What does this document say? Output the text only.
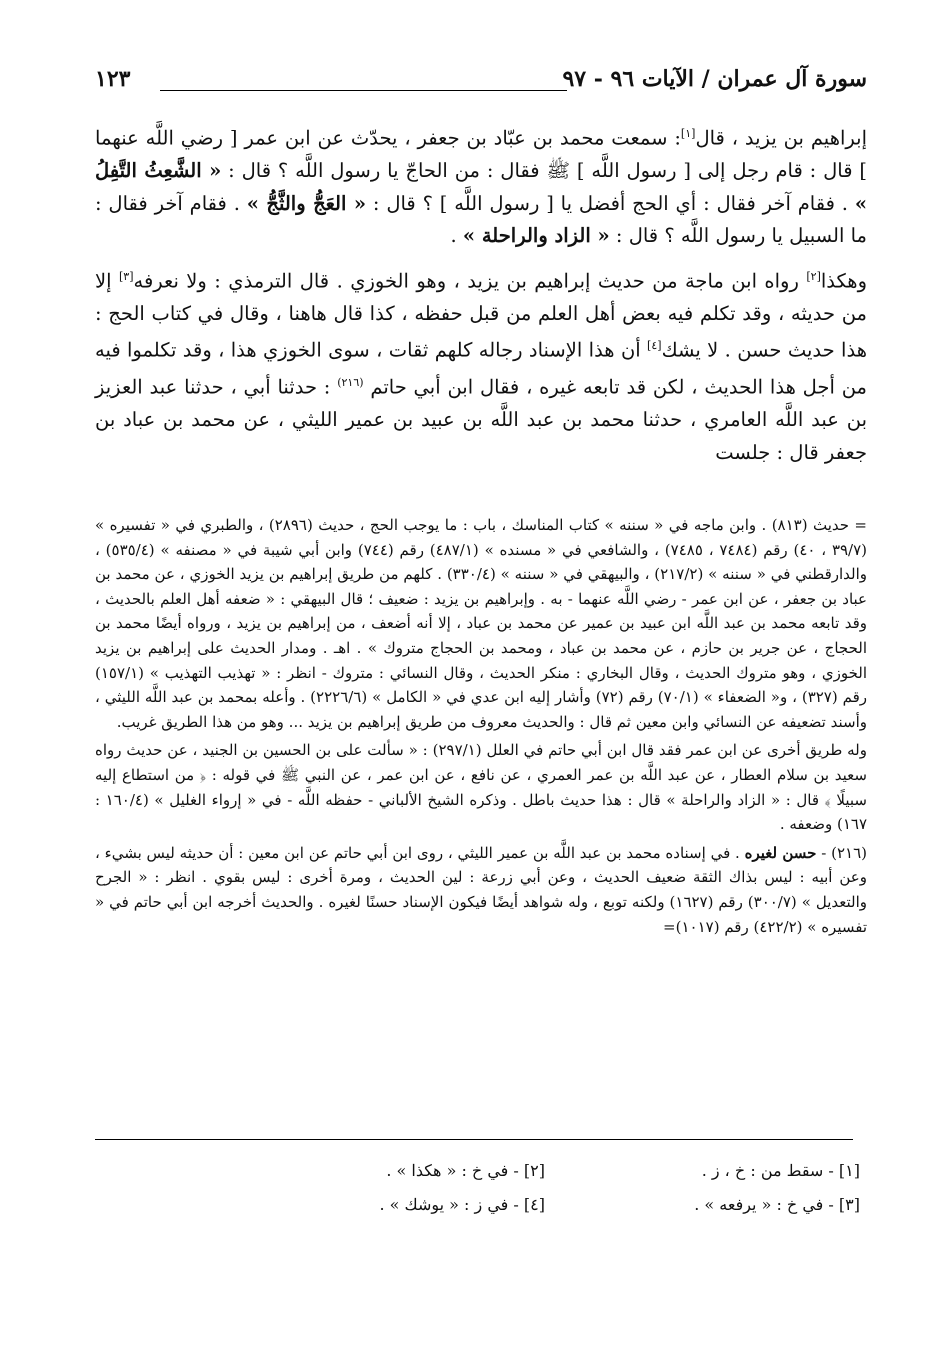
سورة آل عمران / الآيات ٩٦ - ٩٧
١٢٣

إبراهيم بن يزيد ، قال[١]: سمعت محمد بن عبّاد بن جعفر ، يحدّث عن ابن عمر [ رضي اللَّه عنهما ] قال : قام رجل إلى [ رسول اللَّه ] ﷺ فقال : من الحاجّ يا رسول اللَّه ؟ قال : « الشَّعِثُ التَّفِلُ » . فقام آخر فقال : أي الحج أفضل يا [ رسول اللَّه ] ؟ قال : « العَجُّ والثَّجُّ » . فقام آخر فقال : ما السبيل يا رسول اللَّه ؟ قال : « الزاد والراحلة » .

وهكذا[٢] رواه ابن ماجة من حديث إبراهيم بن يزيد ، وهو الخوزي . قال الترمذي : ولا نعرفه[٣] إلا من حديثه ، وقد تكلم فيه بعض أهل العلم من قبل حفظه ، كذا قال هاهنا ، وقال في كتاب الحج : هذا حديث حسن . لا يشك[٤] أن هذا الإسناد رجاله كلهم ثقات ، سوى الخوزي هذا ، وقد تكلموا فيه من أجل هذا الحديث ، لكن قد تابعه غيره ، فقال ابن أبي حاتم $^{(٢١٦)}$ : حدثنا أبي ، حدثنا عبد العزيز بن عبد اللَّه العامري ، حدثنا محمد بن عبد اللَّه بن عبيد بن عمير الليثي ، عن محمد بن عباد بن جعفر قال : جلست

= حديث (٨١٣) . وابن ماجه في « سننه » كتاب المناسك ، باب : ما يوجب الحج ، حديث (٢٨٩٦) ، والطبري في « تفسيره » (٣٩/٧ ، ٤٠) رقم (٧٤٨٤ ، ٧٤٨٥) ، والشافعي في « مسنده » (٤٨٧/١) رقم (٧٤٤) وابن أبي شيبة في « مصنفه » (٥٣٥/٤) ، والدارقطني في « سننه » (٢١٧/٢) ، والبيهقي في « سننه » (٣٣٠/٤) . كلهم من طريق إبراهيم بن يزيد الخوزي ، عن محمد بن عباد بن جعفر ، عن ابن عمر - رضي اللَّه عنهما - به . وإبراهيم بن يزيد : ضعيف ؛ قال البيهقي : « ضعفه أهل العلم بالحديث ، وقد تابعه محمد بن عبد اللَّه ابن عبيد بن عمير عن محمد بن عباد ، إلا أنه أضعف ، من إبراهيم بن يزيد ، ورواه أيضًا محمد بن الحجاج ، عن جرير بن حازم ، عن محمد بن عباد ، ومحمد بن الحجاج متروك » . اهـ . ومدار الحديث على إبراهيم بن يزيد الخوزي ، وهو متروك الحديث ، وقال البخاري : منكر الحديث ، وقال النسائي : متروك - انظر : « تهذيب التهذيب » (١٥٧/١) رقم (٣٢٧) ، و« الضعفاء » (٧٠/١) رقم (٧٢) وأشار إليه ابن عدي في « الكامل » (٢٢٢٦/٦) . وأعله بمحمد بن عبد اللَّه الليثي ، وأسند تضعيفه عن النسائي وابن معين ثم قال : والحديث معروف من طريق إبراهيم بن يزيد ... وهو من هذا الطريق غريب.

وله طريق أخرى عن ابن عمر فقد قال ابن أبي حاتم في العلل (٢٩٧/١) : « سألت على بن الحسين بن الجنيد ، عن حديث رواه سعيد بن سلام العطار ، عن عبد اللَّه بن عمر العمري ، عن نافع ، عن ابن عمر ، عن النبي ﷺ في قوله : ﴿ من استطاع إليه سبيلًا ﴾ قال : « الزاد والراحلة » قال : هذا حديث باطل . وذكره الشيخ الألباني - حفظه اللَّه - في « إرواء الغليل » (١٦٠/٤ : ١٦٧) وضعفه .

(٢١٦) - حسن لغيره . في إسناده محمد بن عبد اللَّه بن عمير الليثي ، روى ابن أبي حاتم عن ابن معين : أن حديثه ليس بشيء ، وعن أبيه : ليس بذاك الثقة ضعيف الحديث ، وعن أبي زرعة : لين الحديث ، ومرة أخرى : ليس بقوي . انظر : « الجرح والتعديل » (٣٠٠/٧) رقم (١٦٢٧) ولكنه توبع ، وله شواهد أيضًا فيكون الإسناد حسنًا لغيره . والحديث أخرجه ابن أبي حاتم في « تفسيره » (٤٢٢/٢) رقم (١٠١٧)=

[١] - سقط من : خ ، ز .
[٢] - في خ : « هكذا » .
[٣] - في خ : « يرفعه » .
[٤] - في ز : « يوشك » .
